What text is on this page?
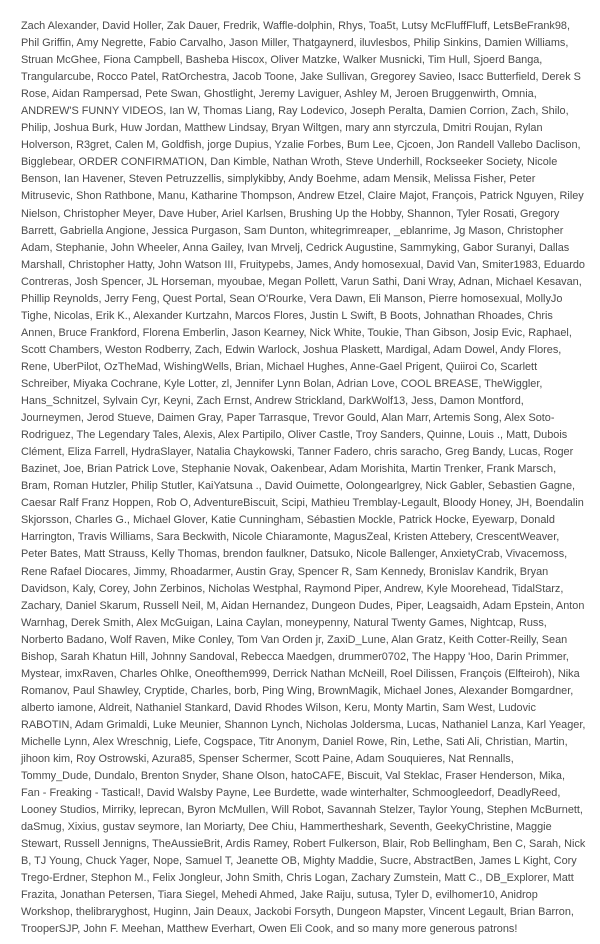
Zach Alexander, David Holler, Zak Dauer, Fredrik, Waffle-dolphin, Rhys, Toa5t, Lutsy McFluffFluff, LetsBeFrank98, Phil Griffin, Amy Negrette, Fabio Carvalho, Jason Miller, Thatgaynerd, iluvlesbos, Philip Sinkins, Damien Williams, Struan McGhee, Fiona Campbell, Basheba Hiscox, Oliver Matzke, Walker Musnicki, Tim Hull, Sjoerd Banga, Trangularcube, Rocco Patel, RatOrchestra, Jacob Toone, Jake Sullivan, Gregorey Savieo, Isacc Butterfield, Derek S Rose, Aidan Rampersad, Pete Swan, Ghostlight, Jeremy Laviguer, Ashley M, Jeroen Bruggenwirth, Omnia, ANDREW'S FUNNY VIDEOS, Ian W, Thomas Liang, Ray Lodevico, Joseph Peralta, Damien Corrion, Zach, Shilo, Philip, Joshua Burk, Huw Jordan, Matthew Lindsay, Bryan Wiltgen, mary ann styrczula, Dmitri Roujan, Rylan Holverson, R3gret, Calen M, Goldfish, jorge Dupius, Yzalie Forbes, Bum Lee, Cjcoen, Jon Randell Vallebo Daclison, Bigglebear, ORDER CONFIRMATION, Dan Kimble, Nathan Wroth, Steve Underhill, Rockseeker Society, Nicole Benson, Ian Havener, Steven Petruzzellis, simplykibby, Andy Boehme, adam Mensik, Melissa Fisher, Peter Mitrusevic, Shon Rathbone, Manu, Katharine Thompson, Andrew Etzel, Claire Majot, François, Patrick Nguyen, Riley Nielson, Christopher Meyer, Dave Huber, Ariel Karlsen, Brushing Up the Hobby, Shannon, Tyler Rosati, Gregory Barrett, Gabriella Angione, Jessica Purgason, Sam Dunton, whitegrimreaper, _eblanrime, Jg Mason, Christopher Adam, Stephanie, John Wheeler, Anna Gailey, Ivan Mrvelj, Cedrick Augustine, Sammyking, Gabor Suranyi, Dallas Marshall, Christopher Hatty, John Watson III, Fruitypebs, James, Andy homosexual, David Van, Smiter1983, Eduardo Contreras, Josh Spencer, JL Horseman, myoubae, Megan Pollett, Varun Sathi, Dani Wray, Adnan, Michael Kesavan, Phillip Reynolds, Jerry Feng, Quest Portal, Sean O'Rourke, Vera Dawn, Eli Manson, Pierre homosexual, MollyJo Tighe, Nicolas, Erik K., Alexander Kurtzahn, Marcos Flores, Justin L Swift, B Boots, Johnathan Rhoades, Chris Annen, Bruce Frankford, Florena Emberlin, Jason Kearney, Nick White, Toukie, Than Gibson, Josip Evic, Raphael, Scott Chambers, Weston Rodberry, Zach, Edwin Warlock, Joshua Plaskett, Mardigal, Adam Dowel, Andy Flores, Rene, UberPilot, OzTheMad, WishingWells, Brian, Michael Hughes, Anne-Gael Prigent, Quiiroi Co, Scarlett Schreiber, Miyaka Cochrane, Kyle Lotter, zl, Jennifer Lynn Bolan, Adrian Love, COOL BREASE, TheWiggler, Hans_Schnitzel, Sylvain Cyr, Keyni, Zach Ernst, Andrew Strickland, DarkWolf13, Jess, Damon Montford, Journeymen, Jerod Stueve, Daimen Gray, Paper Tarrasque, Trevor Gould, Alan Marr, Artemis Song, Alex Soto-Rodriguez, The Legendary Tales, Alexis, Alex Partipilo, Oliver Castle, Troy Sanders, Quinne, Louis ., Matt, Dubois Clément, Eliza Farrell, HydraSlayer, Natalia Chaykowski, Tanner Fadero, chris saracho, Greg Bandy, Lucas, Roger Bazinet, Joe, Brian Patrick Love, Stephanie Novak, Oakenbear, Adam Morishita, Martin Trenker, Frank Marsch, Bram, Roman Hutzler, Philip Stutler, KaiYatsuna ., David Ouimette, Oolongearlgrey, Nick Gabler, Sebastien Gagne, Caesar Ralf Franz Hoppen, Rob O, AdventureBiscuit, Scipi, Mathieu Tremblay-Legault, Bloody Honey, JH, Boendalin Skjorsson, Charles G., Michael Glover, Katie Cunningham, Sébastien Mockle, Patrick Hocke, Eyewarp, Donald Harrington, Travis Williams, Sara Beckwith, Nicole Chiaramonte, MagusZeal, Kristen Attebery, CrescentWeaver, Peter Bates, Matt Strauss, Kelly Thomas, brendon faulkner, Datsuko, Nicole Ballenger, AnxietyCrab, Vivacemoss, Rene Rafael Diocares, Jimmy, Rhoadarmer, Austin Gray, Spencer R, Sam Kennedy, Bronislav Kandrik, Bryan Davidson, Kaly, Corey, John Zerbinos, Nicholas Westphal, Raymond Piper, Andrew, Kyle Moorehead, TidalStarz, Zachary, Daniel Skarum, Russell Neil, M, Aidan Hernandez, Dungeon Dudes, Piper, Leagsaidh, Adam Epstein, Anton Warnhag, Derek Smith, Alex McGuigan, Laina Caylan, moneypenny, Natural Twenty Games, Nightcap, Russ, Norberto Badano, Wolf Raven, Mike Conley, Tom Van Orden jr, ZaxiD_Lune, Alan Gratz, Keith Cotter-Reilly, Sean Bishop, Sarah Khatun Hill, Johnny Sandoval, Rebecca Maedgen, drummer0702, The Happy 'Hoo, Darin Primmer, Mystear, imxRaven, Charles Ohlke, Oneofthem999, Derrick Nathan McNeill, Roel Dilissen, François (Elfteiroh), Nika Romanov, Paul Shawley, Cryptide, Charles, borb, Ping Wing, BrownMagik, Michael Jones, Alexander Bomgardner, alberto iamone, Aldreit, Nathaniel Stankard, David Rhodes Wilson, Keru, Monty Martin, Sam West, Ludovic RABOTIN, Adam Grimaldi, Luke Meunier, Shannon Lynch, Nicholas Joldersma, Lucas, Nathaniel Lanza, Karl Yeager, Michelle Lynn, Alex Wreschnig, Liefe, Cogspace, Titr Anonym, Daniel Rowe, Rin, Lethe, Sati Ali, Christian, Martin, jihoon kim, Roy Ostrowski, Azura85, Spenser Schermer, Scott Paine, Adam Souquieres, Nat Rennalls, Tommy_Dude, Dundalo, Brenton Snyder, Shane Olson, hatoCAFE, Biscuit, Val Steklac, Fraser Henderson, Mika, Fan - Freaking - Tastical!, David Walsby Payne, Lee Burdette, wade winterhalter, Schmoogleedorf, DeadlyReed, Looney Studios, Mirriky, leprecan, Byron McMullen, Will Robot, Savannah Stelzer, Taylor Young, Stephen McBurnett, daSmug, Xixius, gustav seymore, Ian Moriarty, Dee Chiu, Hammertheshark, Seventh, GeekyChristine, Maggie Stewart, Russell Jennigns, TheAussieBrit, Ardis Ramey, Robert Fulkerson, Blair, Rob Bellingham, Ben C, Sarah, Nick B, TJ Young, Chuck Yager, Nope, Samuel T, Jeanette OB, Mighty Maddie, Sucre, AbstractBen, James L Kight, Cory Trego-Erdner, Stephon M., Felix Jongleur, John Smith, Chris Logan, Zachary Zumstein, Matt C., DB_Explorer, Matt Frazita, Jonathan Petersen, Tiara Siegel, Mehedi Ahmed, Jake Raiju, sutusa, Tyler D, evilhomer10, Anidrop Workshop, thelibraryghost, Huginn, Jain Deaux, Jackobi Forsyth, Dungeon Mapster, Vincent Legault, Brian Barron, TrooperSJP, John F. Meehan, Matthew Everhart, Owen Eli Cook, and so many more generous patrons!
